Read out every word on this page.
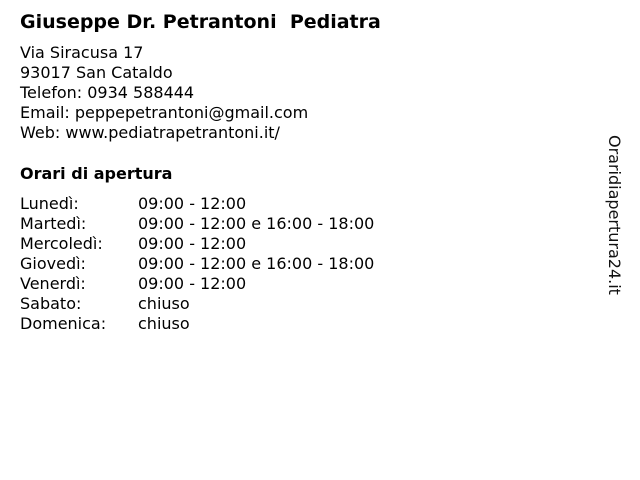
Giuseppe Dr. Petrantoni  Pediatra
Via Siracusa 17
93017 San Cataldo
Telefon: 0934 588444
Email: peppepetrantoni@gmail.com
Web: www.pediatrapetrantoni.it/
Orari di apertura
Lunedì:	09:00 - 12:00
Martedì:	09:00 - 12:00 e 16:00 - 18:00
Mercoledì: 09:00 - 12:00
Giovedì:	09:00 - 12:00 e 16:00 - 18:00
Venerdì:	09:00 - 12:00
Sabato:	chiuso
Domenica: chiuso
Oraridiapertura24.it
